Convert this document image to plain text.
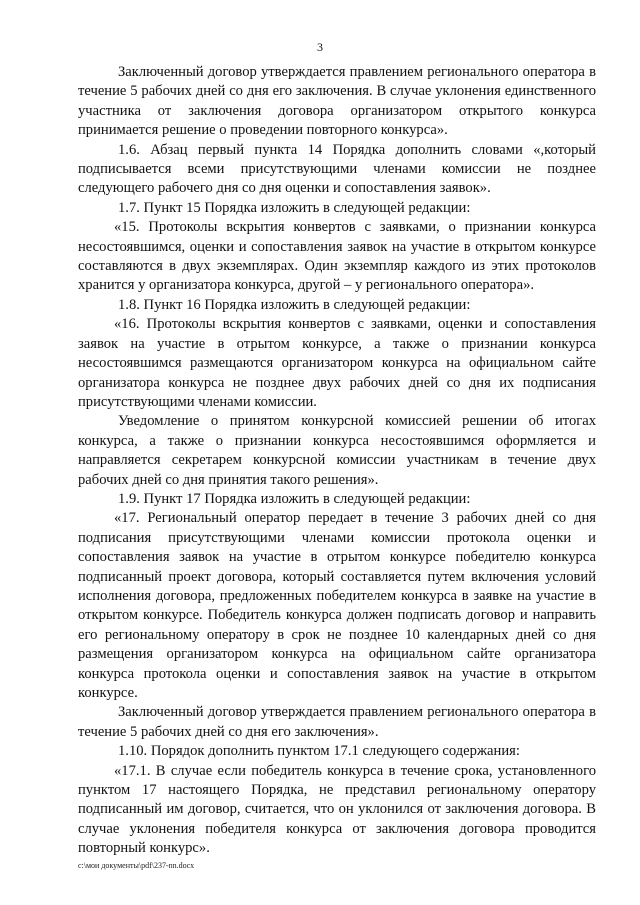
3

Заключенный договор утверждается правлением регионального оператора в течение 5 рабочих дней со дня его заключения. В случае уклонения единственного участника от заключения договора организатором открытого конкурса принимается решение о проведении повторного конкурса».

1.6. Абзац первый пункта 14 Порядка дополнить словами «,который подписывается всеми присутствующими членами комиссии не позднее следующего рабочего дня со дня оценки и сопоставления заявок».

1.7. Пункт 15 Порядка изложить в следующей редакции:

«15. Протоколы вскрытия конвертов с заявками, о признании конкурса несостоявшимся, оценки и сопоставления заявок на участие в открытом конкурсе составляются в двух экземплярах. Один экземпляр каждого из этих протоколов хранится у организатора конкурса, другой – у регионального оператора».

1.8. Пункт 16 Порядка изложить в следующей редакции:

«16. Протоколы вскрытия конвертов с заявками, оценки и сопоставления заявок на участие в отрытом конкурсе, а также о признании конкурса несостоявшимся размещаются организатором конкурса на официальном сайте организатора конкурса не позднее двух рабочих дней со дня их подписания присутствующими членами комиссии.

Уведомление о принятом конкурсной комиссией решении об итогах конкурса, а также о признании конкурса несостоявшимся оформляется и направляется секретарем конкурсной комиссии участникам в течение двух рабочих дней со дня принятия такого решения».

1.9. Пункт 17 Порядка изложить в следующей редакции:

«17. Региональный оператор передает в течение 3 рабочих дней со дня подписания присутствующими членами комиссии протокола оценки и сопоставления заявок на участие в отрытом конкурсе победителю конкурса подписанный проект договора, который составляется путем включения условий исполнения договора, предложенных победителем конкурса в заявке на участие в открытом конкурсе. Победитель конкурса должен подписать договор и направить его региональному оператору в срок не позднее 10 календарных дней со дня размещения организатором конкурса на официальном сайте организатора конкурса протокола оценки и сопоставления заявок на участие в открытом конкурсе.

Заключенный договор утверждается правлением регионального оператора в течение 5 рабочих дней со дня его заключения».

1.10. Порядок дополнить пунктом 17.1 следующего содержания:

«17.1. В случае если победитель конкурса в течение срока, установленного пунктом 17 настоящего Порядка, не представил региональному оператору подписанный им договор, считается, что он уклонился от заключения договора. В случае уклонения победителя конкурса от заключения договора проводится повторный конкурс».

c:\мои документы\pdf\237-nn.docx
